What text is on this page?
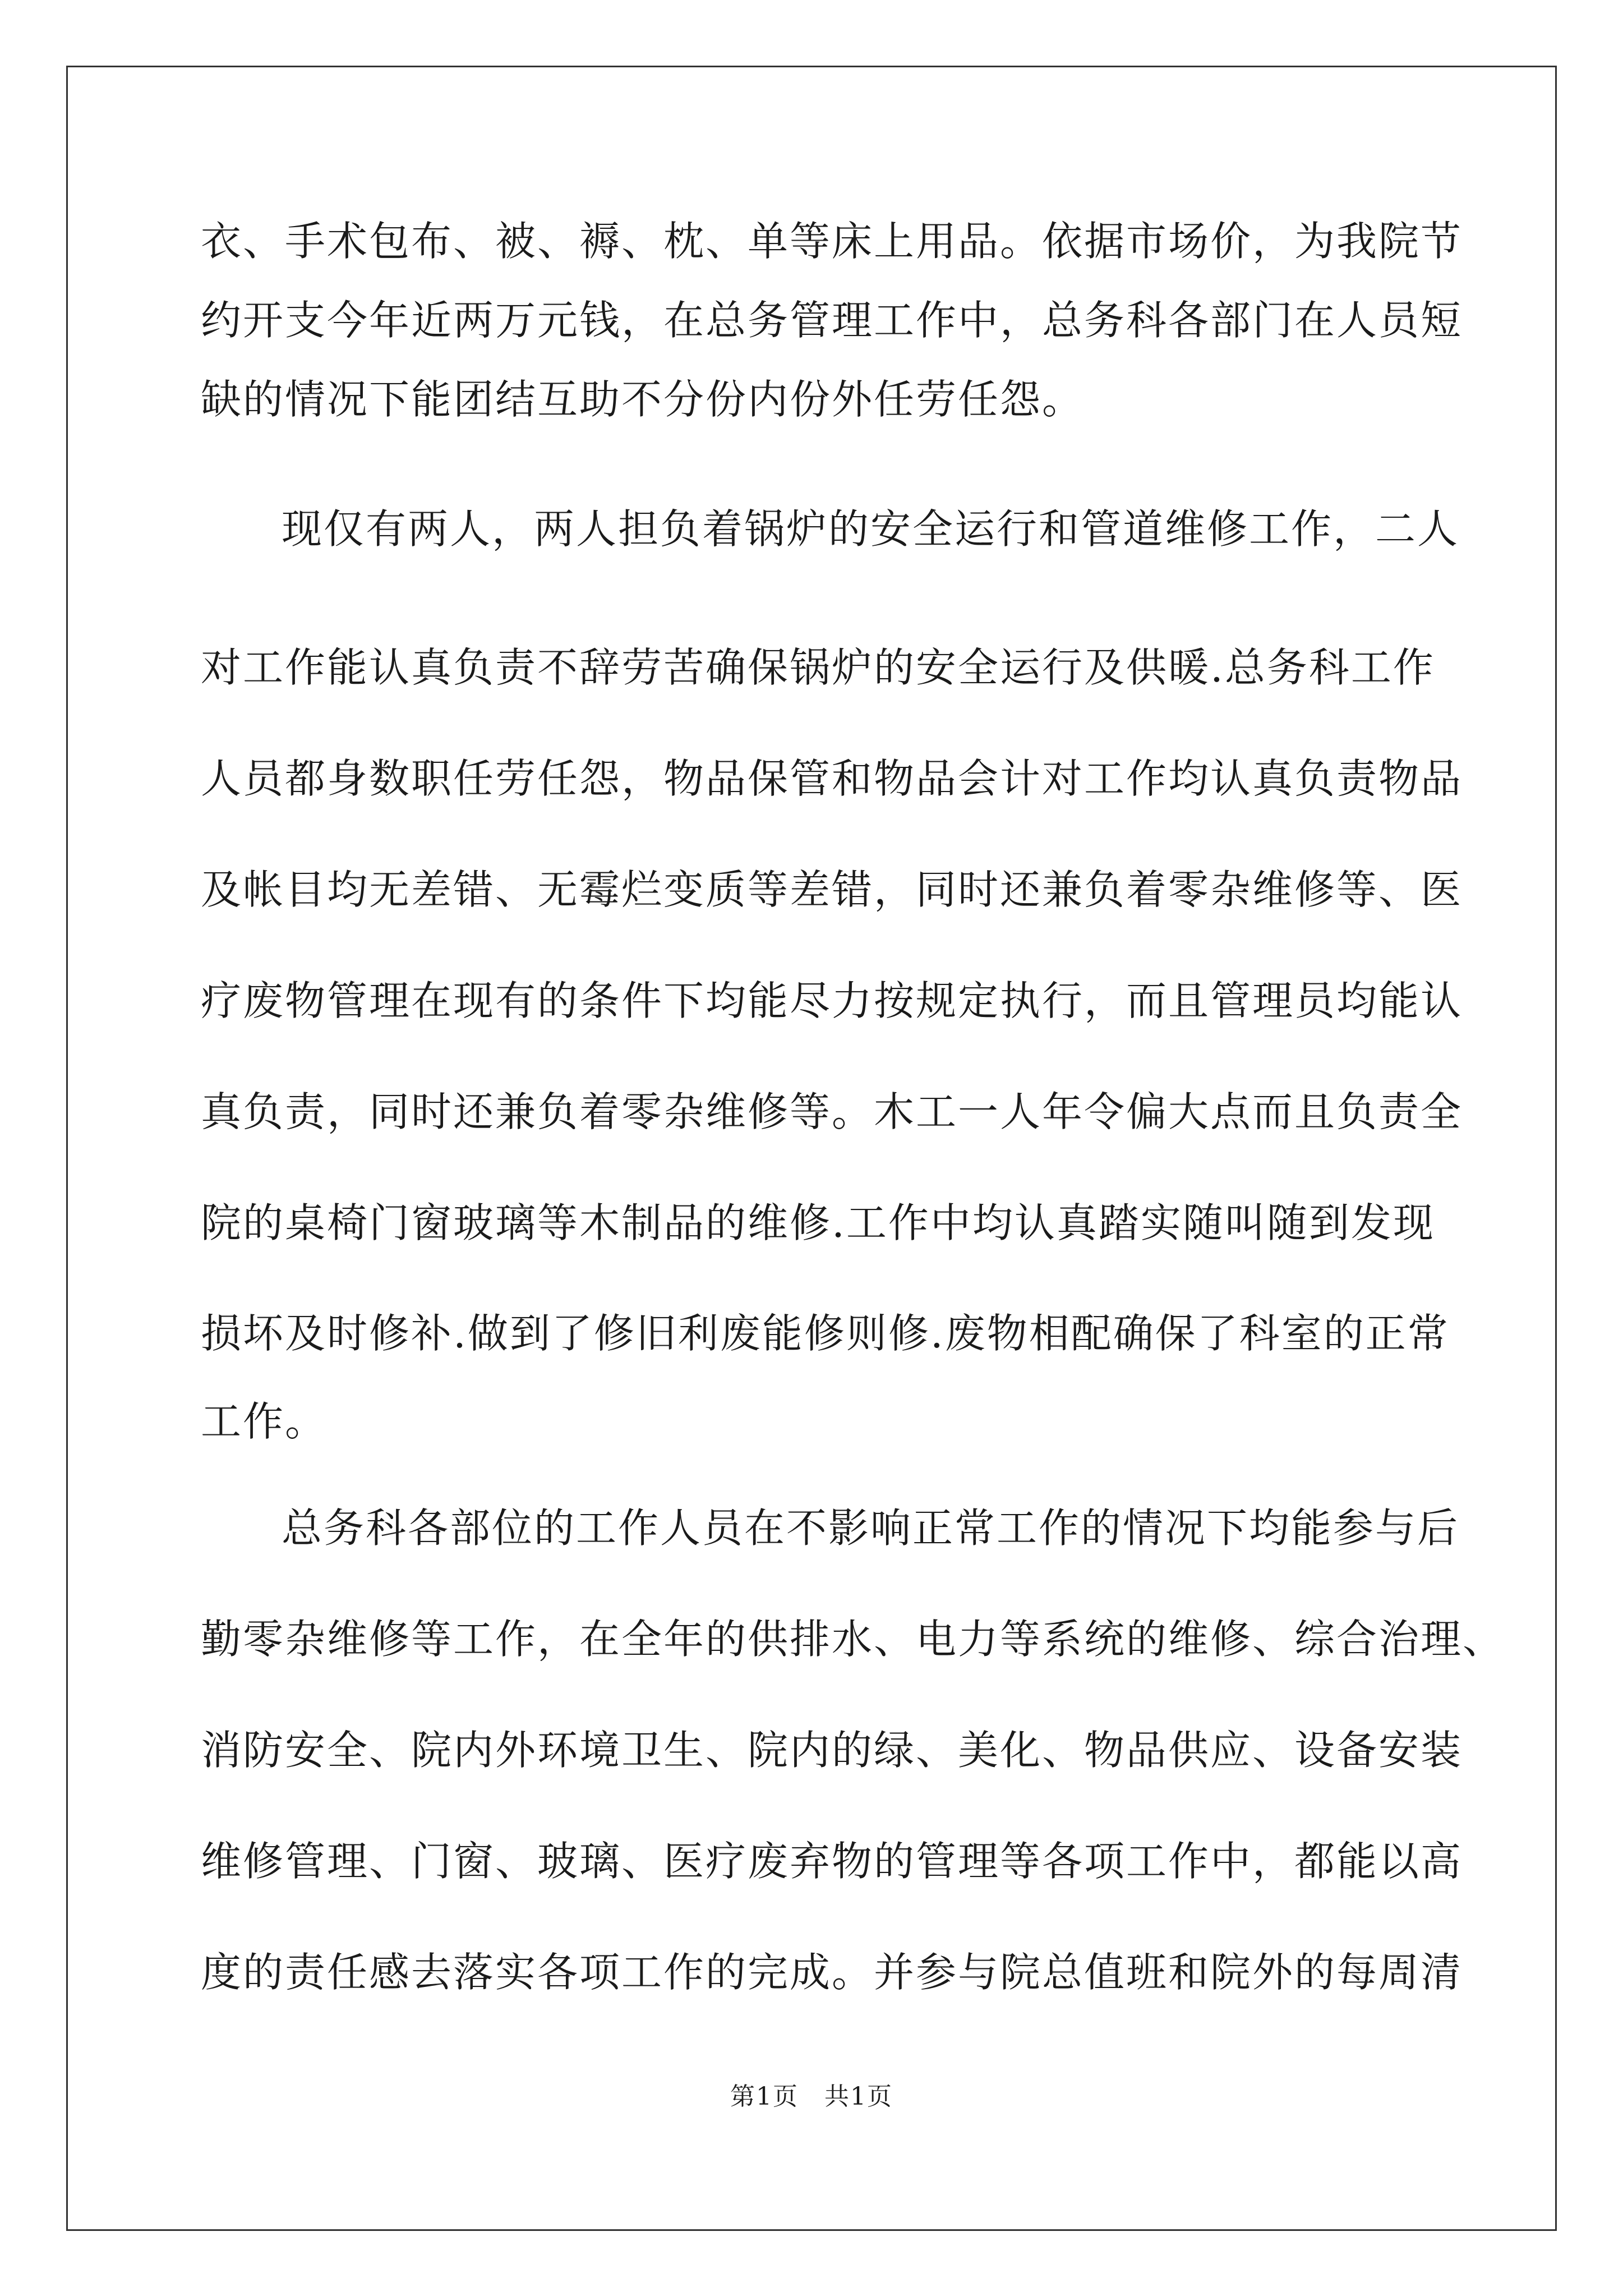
衣、手术包布、被、褥、枕、单等床上用品。依据市场价，为我院节
约开支今年近两万元钱，在总务管理工作中，总务科各部门在人员短
缺的情况下能团结互助不分份内份外任劳任怨。
现仅有两人，两人担负着锅炉的安全运行和管道维修工作，二人
对工作能认真负责不辞劳苦确保锅炉的安全运行及供暖.总务科工作
人员都身数职任劳任怨，物品保管和物品会计对工作均认真负责物品
及帐目均无差错、无霉烂变质等差错，同时还兼负着零杂维修等、医
疗废物管理在现有的条件下均能尽力按规定执行，而且管理员均能认
真负责，同时还兼负着零杂维修等。木工一人年令偏大点而且负责全
院的桌椅门窗玻璃等木制品的维修.工作中均认真踏实随叫随到发现
损坏及时修补.做到了修旧利废能修则修.废物相配确保了科室的正常
工作。
总务科各部位的工作人员在不影响正常工作的情况下均能参与后
勤零杂维修等工作，在全年的供排水、电力等系统的维修、综合治理、
消防安全、院内外环境卫生、院内的绿、美化、物品供应、设备安装
维修管理、门窗、玻璃、医疗废弃物的管理等各项工作中，都能以高
度的责任感去落实各项工作的完成。并参与院总值班和院外的每周清
第1页　共1页
